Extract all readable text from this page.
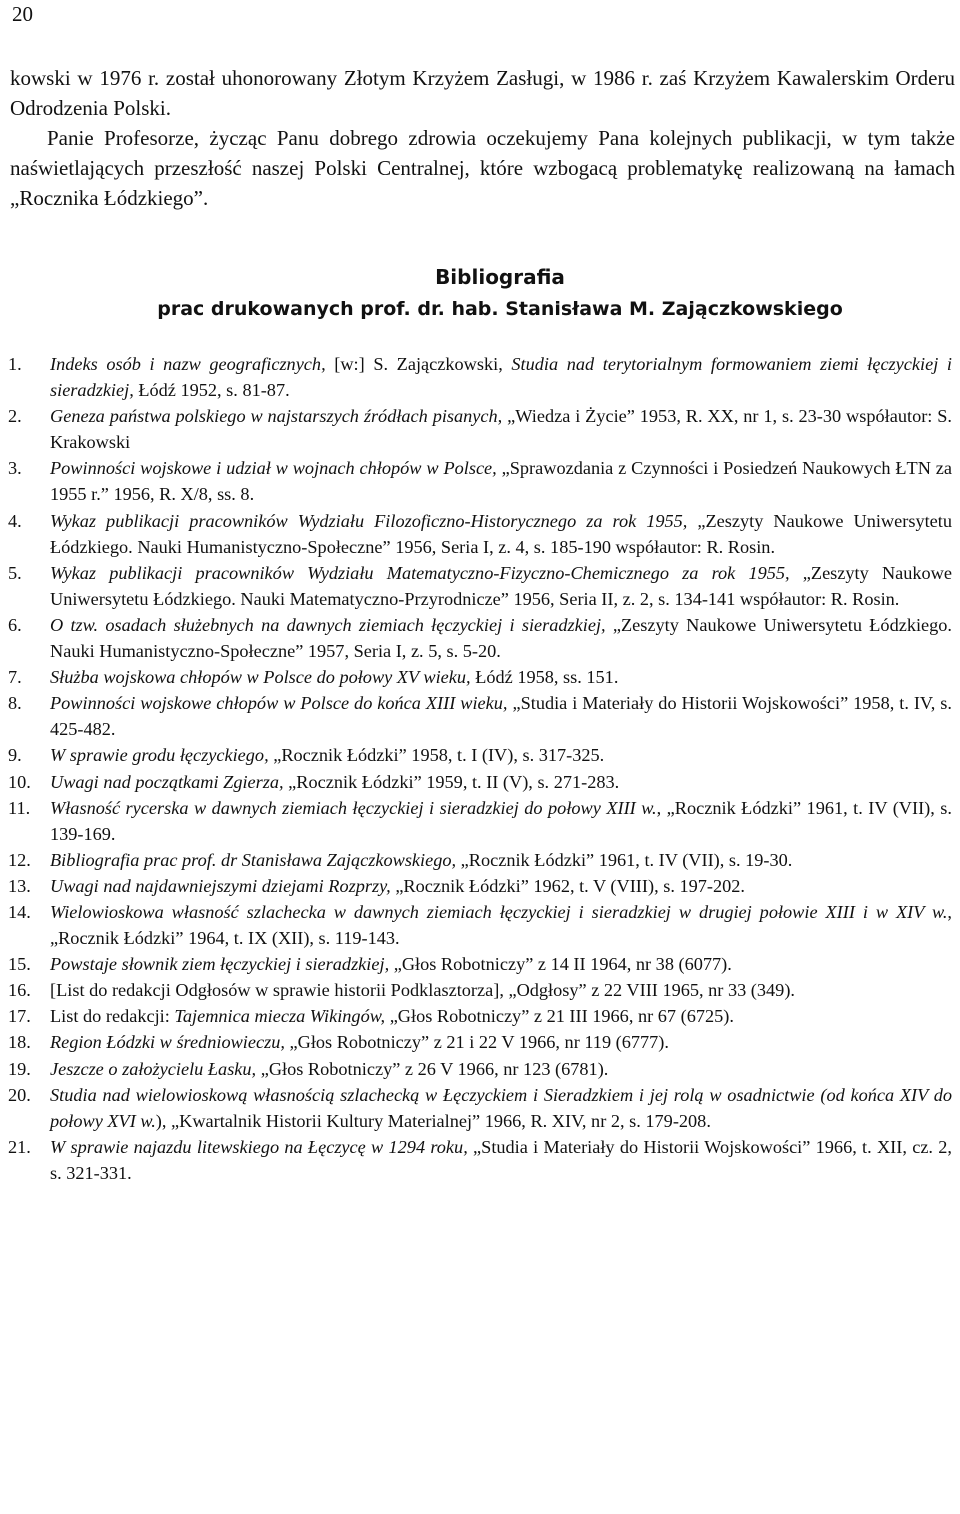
20

kowski w 1976 r. został uhonorowany Złotym Krzyżem Zasługi, w 1986 r. zaś Krzyżem Kawalerskim Orderu Odrodzenia Polski.

Panie Profesorze, życząc Panu dobrego zdrowia oczekujemy Pana kolejnych publikacji, w tym także naświetlających przeszłość naszej Polski Centralnej, które wzbogacą problematykę realizowaną na łamach „Rocznika Łódzkiego”.

Bibliografia
prac drukowanych prof. dr. hab. Stanisława M. Zajączkowskiego
1. Indeks osób i nazw geograficznych, [w:] S. Zajączkowski, Studia nad terytorialnym formowaniem ziemi łęczyckiej i sieradzkiej, Łódź 1952, s. 81-87.
2. Geneza państwa polskiego w najstarszych źródłach pisanych, „Wiedza i Życie” 1953, R. XX, nr 1, s. 23-30 współautor: S. Krakowski
3. Powinności wojskowe i udział w wojnach chłopów w Polsce, „Sprawozdania z Czynności i Posiedzeń Naukowych ŁTN za 1955 r.” 1956, R. X/8, ss. 8.
4. Wykaz publikacji pracowników Wydziału Filozoficzno-Historycznego za rok 1955, „Zeszyty Naukowe Uniwersytetu Łódzkiego. Nauki Humanistyczno-Społeczne” 1956, Seria I, z. 4, s. 185-190 współautor: R. Rosin.
5. Wykaz publikacji pracowników Wydziału Matematyczno-Fizyczno-Chemicznego za rok 1955, „Zeszyty Naukowe Uniwersytetu Łódzkiego. Nauki Matematyczno-Przyrodnicze” 1956, Seria II, z. 2, s. 134-141 współautor: R. Rosin.
6. O tzw. osadach służebnych na dawnych ziemiach łęczyckiej i sieradzkiej, „Zeszyty Naukowe Uniwersytetu Łódzkiego. Nauki Humanistyczno-Społeczne” 1957, Seria I, z. 5, s. 5-20.
7. Służba wojskowa chłopów w Polsce do połowy XV wieku, Łódź 1958, ss. 151.
8. Powinności wojskowe chłopów w Polsce do końca XIII wieku, „Studia i Materiały do Historii Wojskowości” 1958, t. IV, s. 425-482.
9. W sprawie grodu łęczyckiego, „Rocznik Łódzki” 1958, t. I (IV), s. 317-325.
10. Uwagi nad początkami Zgierza, „Rocznik Łódzki” 1959, t. II (V), s. 271-283.
11. Własność rycerska w dawnych ziemiach łęczyckiej i sieradzkiej do połowy XIII w., „Rocznik Łódzki” 1961, t. IV (VII), s. 139-169.
12. Bibliografia prac prof. dr Stanisława Zajączkowskiego, „Rocznik Łódzki” 1961, t. IV (VII), s. 19-30.
13. Uwagi nad najdawniejszymi dziejami Rozprzy, „Rocznik Łódzki” 1962, t. V (VIII), s. 197-202.
14. Wielowioskowa własność szlachecka w dawnych ziemiach łęczyckiej i sieradzkiej w drugiej połowie XIII i w XIV w., „Rocznik Łódzki” 1964, t. IX (XII), s. 119-143.
15. Powstaje słownik ziem łęczyckiej i sieradzkiej, „Głos Robotniczy” z 14 II 1964, nr 38 (6077).
16. [List do redakcji Odgłosów w sprawie historii Podklasztorza], „Odgłosy” z 22 VIII 1965, nr 33 (349).
17. List do redakcji: Tajemnica miecza Wikingów, „Głos Robotniczy” z 21 III 1966, nr 67 (6725).
18. Region Łódzki w średniowieczu, „Głos Robotniczy” z 21 i 22 V 1966, nr 119 (6777).
19. Jeszcze o założycielu Łasku, „Głos Robotniczy” z 26 V 1966, nr 123 (6781).
20. Studia nad wielowioskową własnością szlachecką w Łęczyckiem i Sieradzkiem i jej rolą w osadnictwie (od końca XIV do połowy XVI w.), „Kwartalnik Historii Kultury Materialnej” 1966, R. XIV, nr 2, s. 179-208.
21. W sprawie najazdu litewskiego na Łęczycę w 1294 roku, „Studia i Materiały do Historii Wojskowości” 1966, t. XII, cz. 2, s. 321-331.
